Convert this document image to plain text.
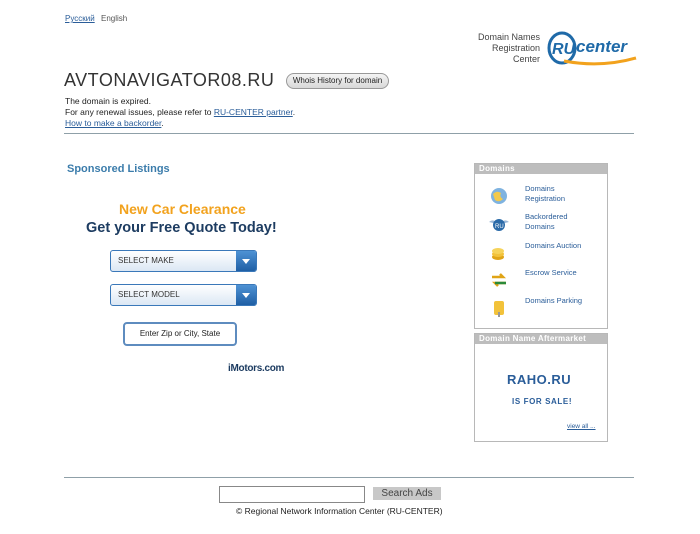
Русский English
Domain Names
Registration
Center
RU center
AVTONAVIGATOR08.RU	Whois History for domain
The domain is expired.
For any renewal issues, please refer to RU-CENTER partner.
How to make a backorder.
Sponsored Listings
New Car Clearance
Get your Free Quote Today!
SELECT MAKE
SELECT MODEL
Enter Zip or City, State
iMotors.com
Domains
Domains Registration
RU
Backordered Domains
Domains Auction
Escrow Service
Domains Parking
Domain Name Aftermarket
RAHO.RU
IS FOR SALE!
view all ...
Search Ads
© Regional Network Information Center (RU-CENTER)
